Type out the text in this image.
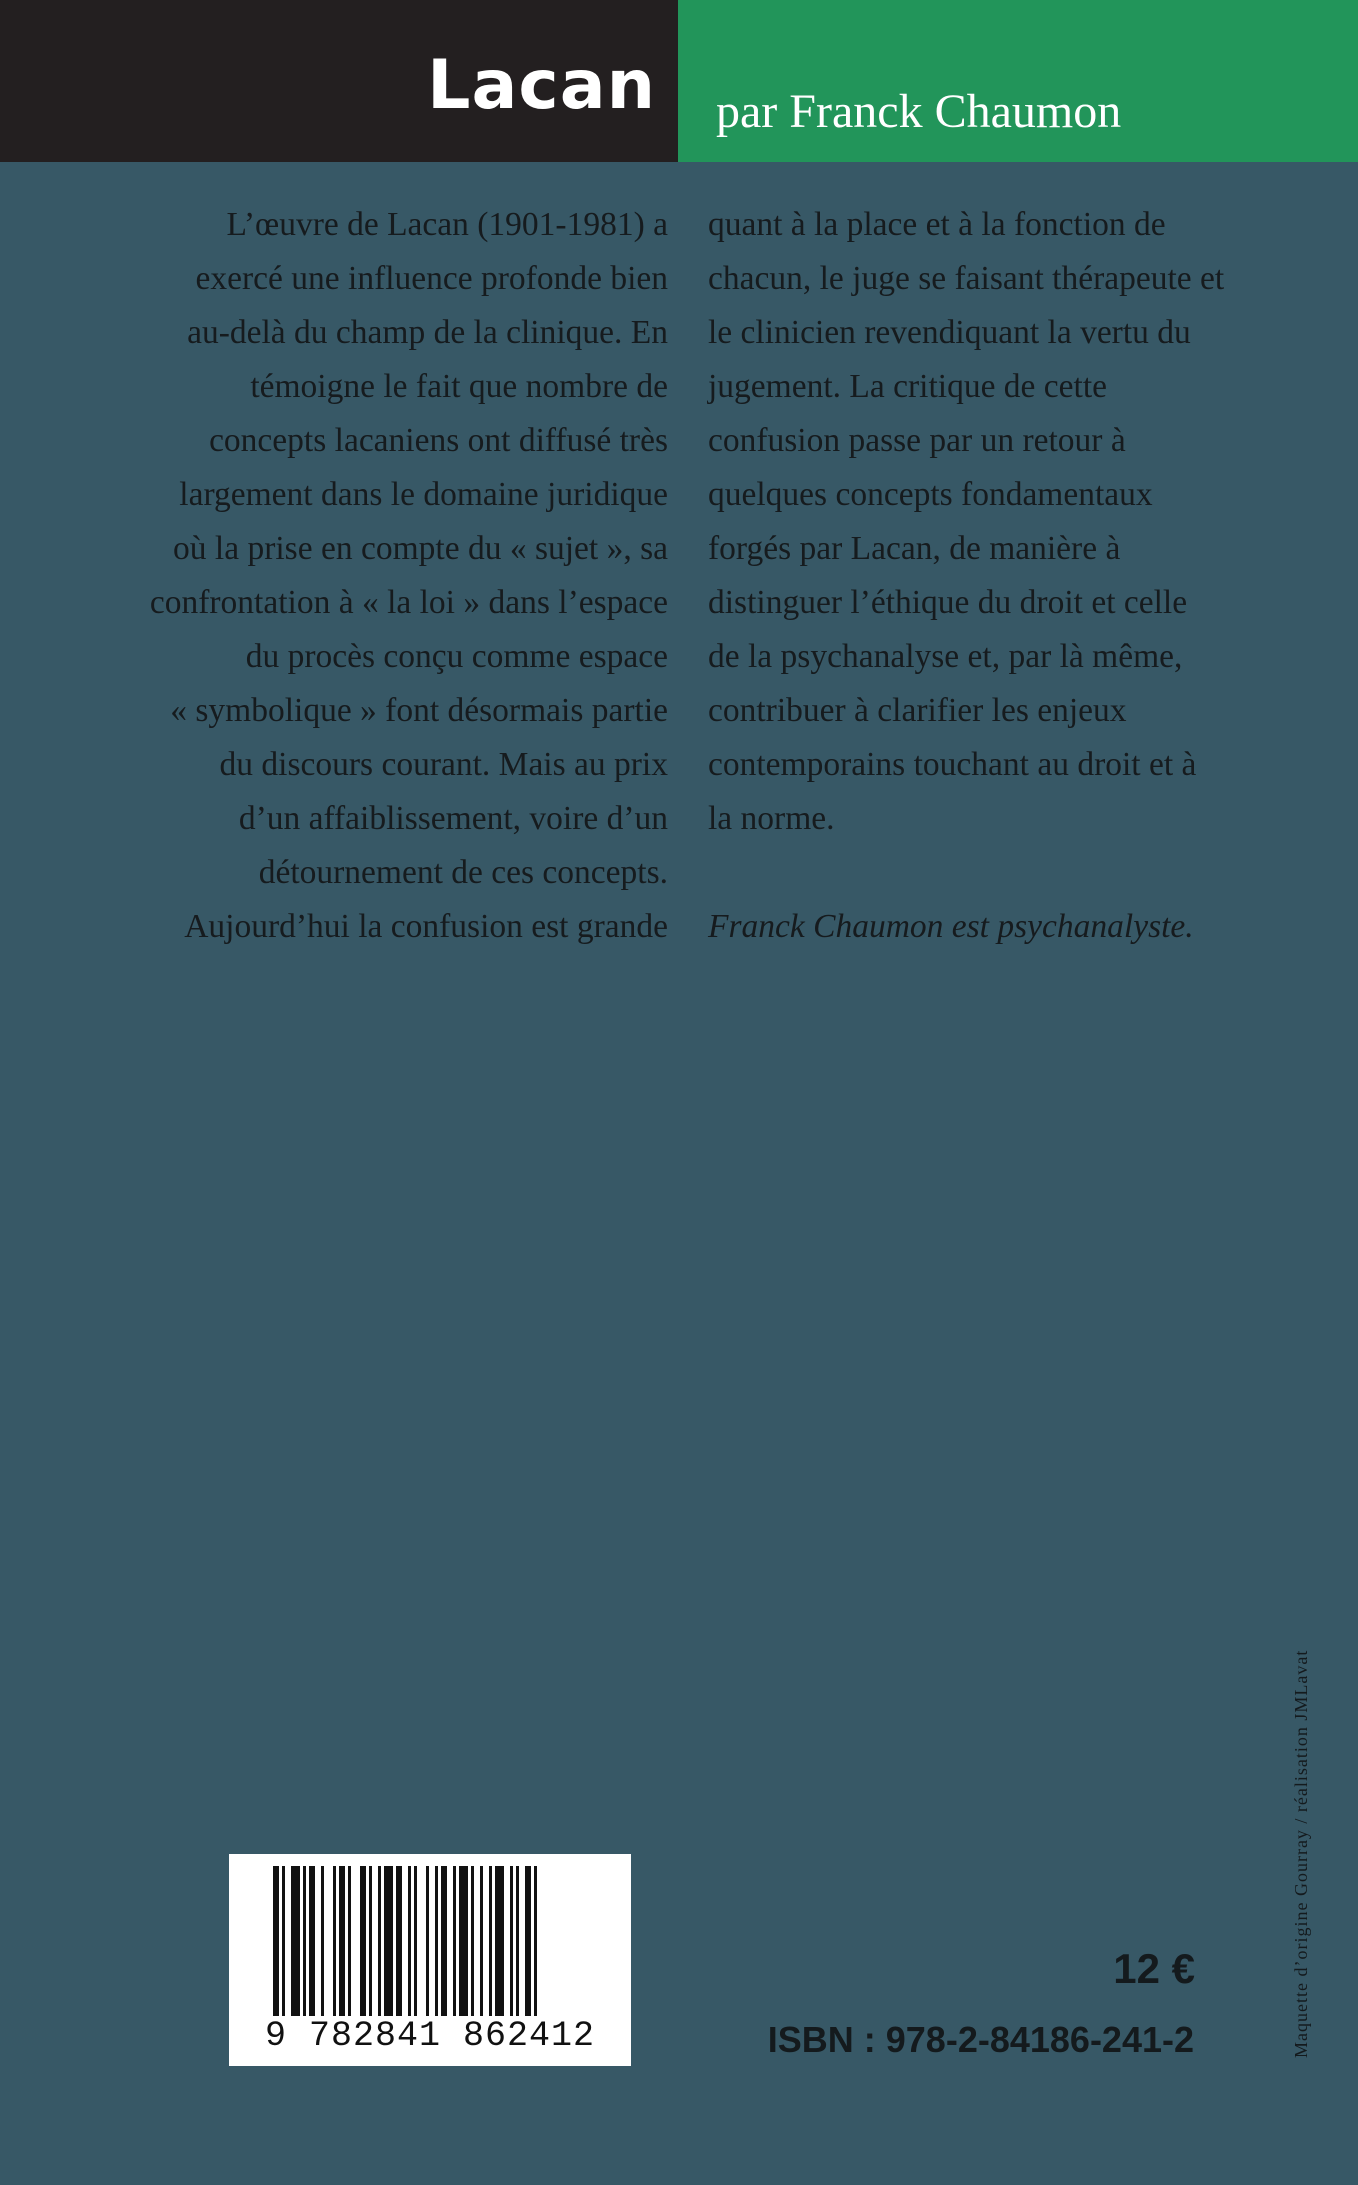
Lacan par Franck Chaumon
L’œuvre de Lacan (1901-1981) a
exercé une influence profonde bien
au-delà du champ de la clinique. En
témoigne le fait que nombre de
concepts lacaniens ont diffusé très
largement dans le domaine juridique
où la prise en compte du « sujet », sa
confrontation à « la loi » dans l’espace
du procès conçu comme espace
« symbolique » font désormais partie
du discours courant. Mais au prix
d’un affaiblissement, voire d’un
détournement de ces concepts.
Aujourd’hui la confusion est grande
quant à la place et à la fonction de
chacun, le juge se faisant thérapeute et
le clinicien revendiquant la vertu du
jugement. La critique de cette
confusion passe par un retour à
quelques concepts fondamentaux
forgés par Lacan, de manière à
distinguer l’éthique du droit et celle
de la psychanalyse et, par là même,
contribuer à clarifier les enjeux
contemporains touchant au droit et à
la norme.
Franck Chaumon est psychanalyste.
9 782841 862412
12 €
ISBN : 978-2-84186-241-2	Maquette d’origine Gourray / réalisation JMLavat
